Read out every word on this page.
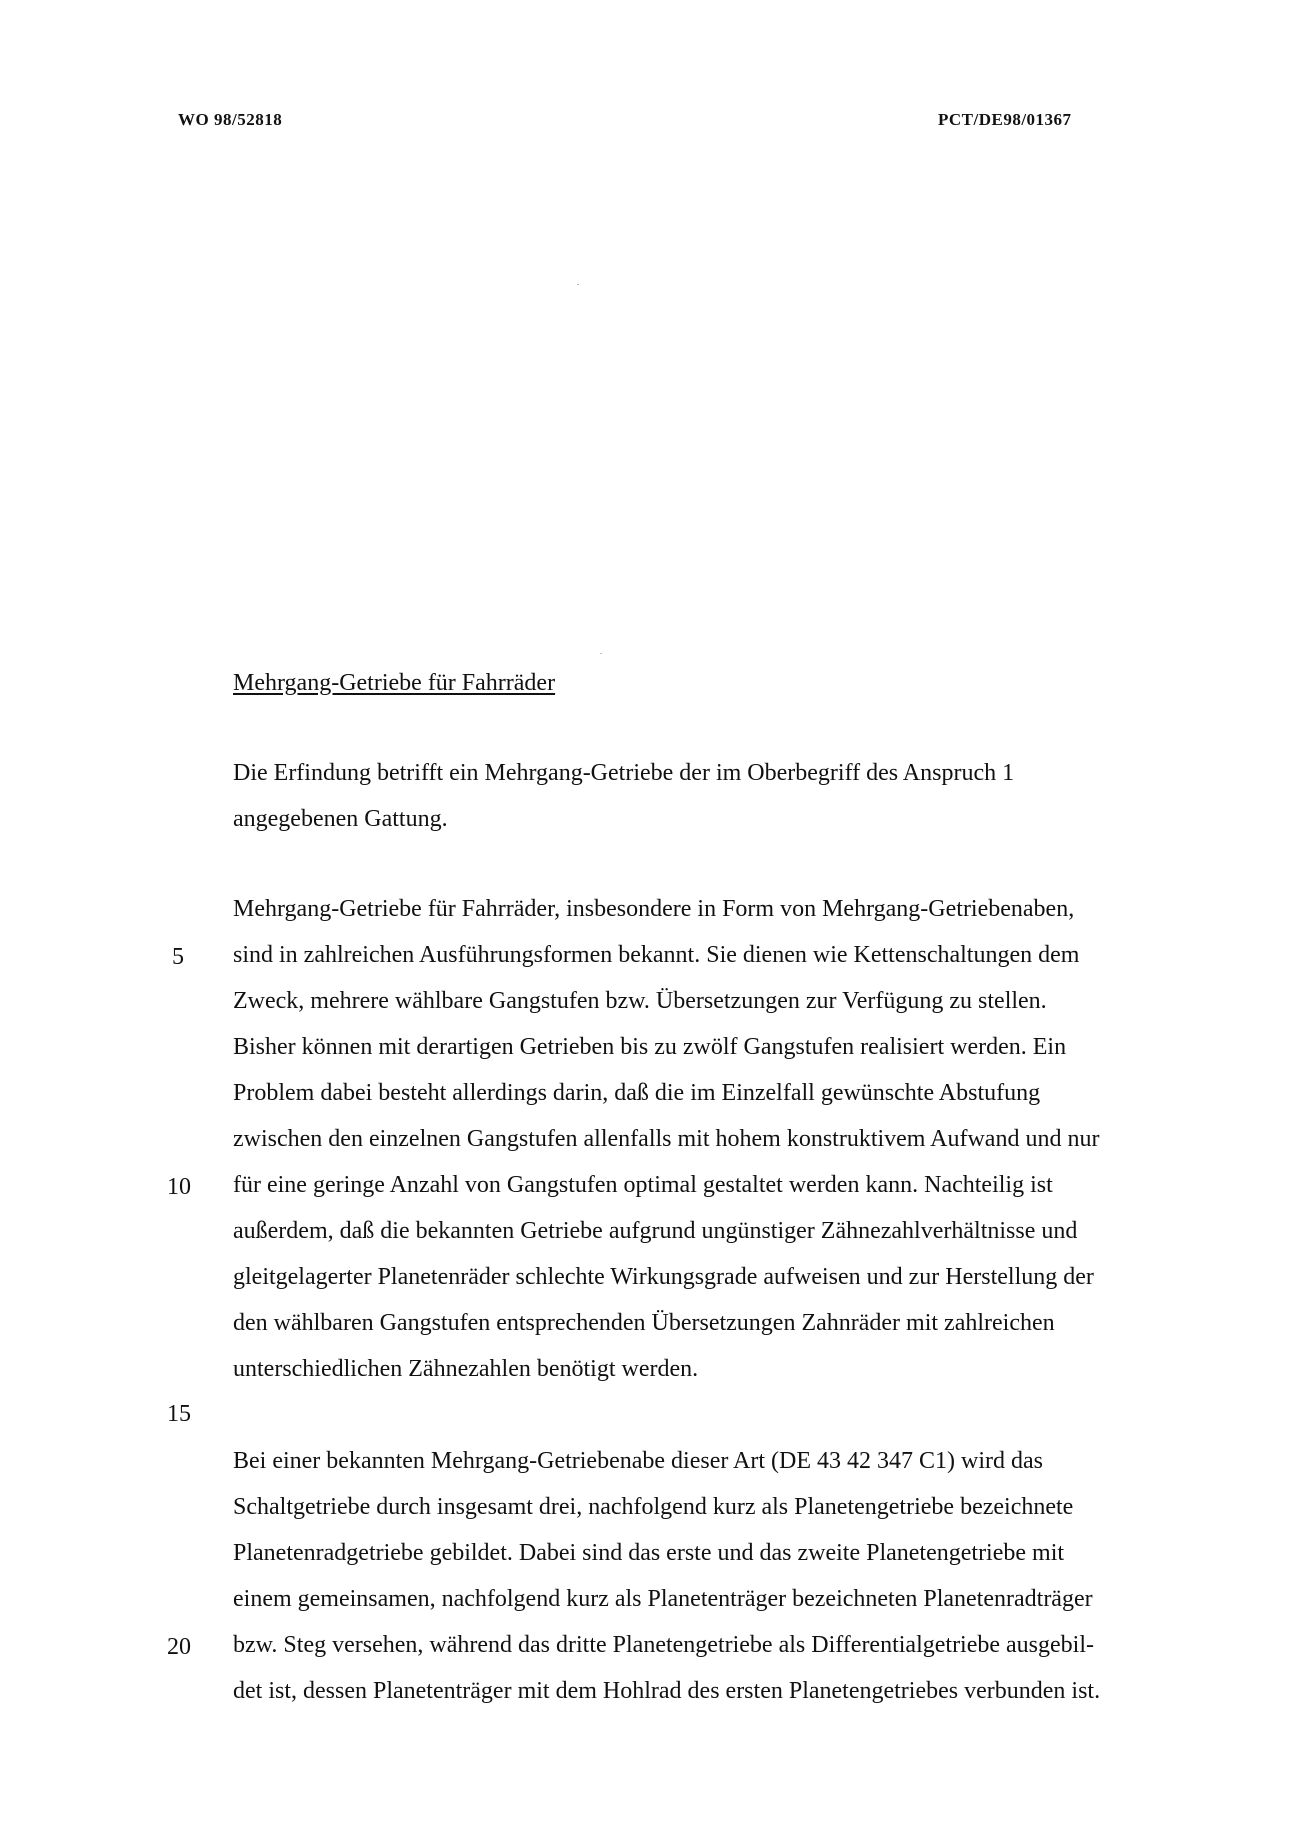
WO 98/52818	PCT/DE98/01367
Mehrgang-Getriebe für Fahrräder
Die Erfindung betrifft ein Mehrgang-Getriebe der im Oberbegriff des Anspruch 1
angegebenen Gattung.
Mehrgang-Getriebe für Fahrräder, insbesondere in Form von Mehrgang-Getriebenaben,
sind in zahlreichen Ausführungsformen bekannt. Sie dienen wie Kettenschaltungen dem
Zweck, mehrere wählbare Gangstufen bzw. Übersetzungen zur Verfügung zu stellen.
Bisher können mit derartigen Getrieben bis zu zwölf Gangstufen realisiert werden. Ein
Problem dabei besteht allerdings darin, daß die im Einzelfall gewünschte Abstufung
zwischen den einzelnen Gangstufen allenfalls mit hohem konstruktivem Aufwand und nur
für eine geringe Anzahl von Gangstufen optimal gestaltet werden kann. Nachteilig ist
außerdem, daß die bekannten Getriebe aufgrund ungünstiger Zähnezahlverhältnisse und
gleitgelagerter Planetenräder schlechte Wirkungsgrade aufweisen und zur Herstellung der
den wählbaren Gangstufen entsprechenden Übersetzungen Zahnräder mit zahlreichen
unterschiedlichen Zähnezahlen benötigt werden.
Bei einer bekannten Mehrgang-Getriebenabe dieser Art (DE 43 42 347 C1) wird das
Schaltgetriebe durch insgesamt drei, nachfolgend kurz als Planetengetriebe bezeichnete
Planetenradgetriebe gebildet. Dabei sind das erste und das zweite Planetengetriebe mit
einem gemeinsamen, nachfolgend kurz als Planetenträger bezeichneten Planetenradträger
bzw. Steg versehen, während das dritte Planetengetriebe als Differentialgetriebe ausgebil-
det ist, dessen Planetenträger mit dem Hohlrad des ersten Planetengetriebes verbunden ist.
5
10
15
20
